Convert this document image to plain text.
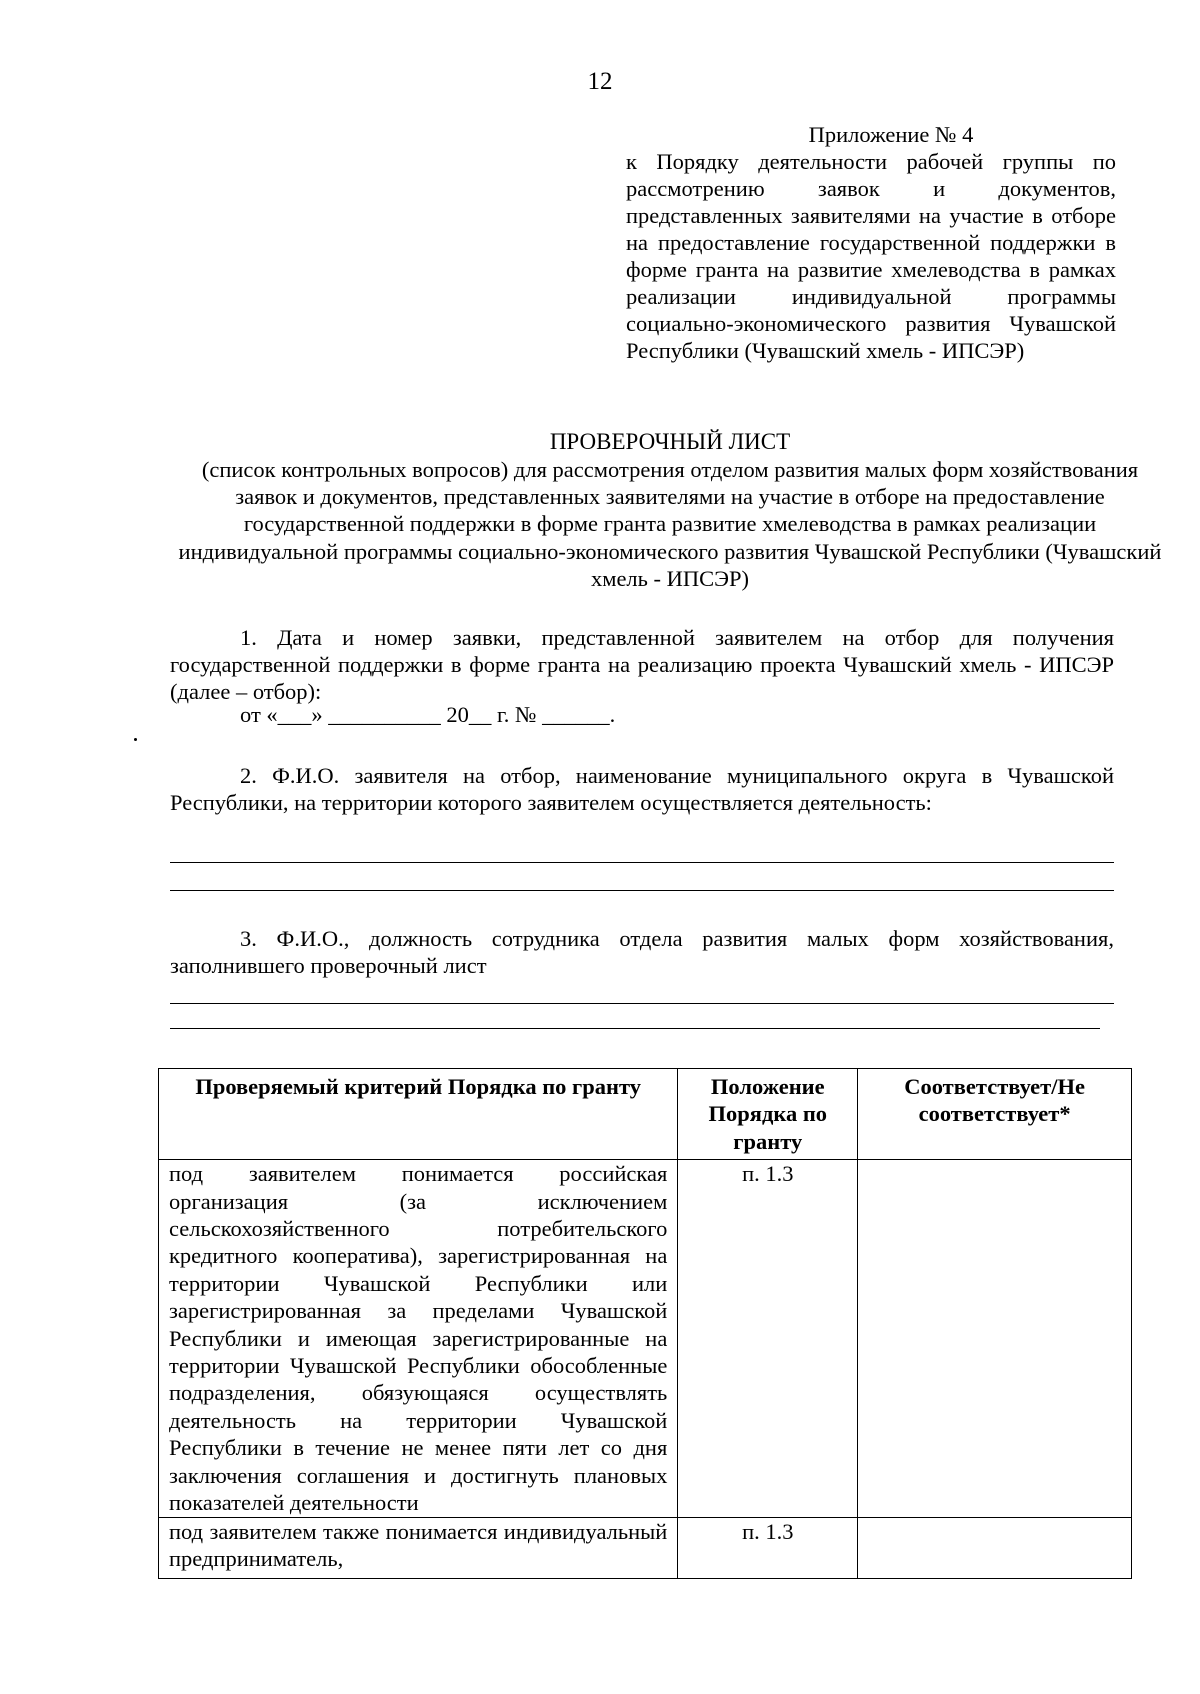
12
Приложение № 4
к Порядку деятельности рабочей группы по рассмотрению заявок и документов, представленных заявителями на участие в отборе на предоставление государственной поддержки в форме гранта на развитие хмелеводства в рамках реализации индивидуальной программы социально-экономического развития Чувашской Республики (Чувашский хмель - ИПСЭР)
ПРОВЕРОЧНЫЙ ЛИСТ
(список контрольных вопросов) для рассмотрения отделом развития малых форм хозяйствования заявок и документов, представленных заявителями на участие в отборе на предоставление государственной поддержки в форме гранта развитие хмелеводства в рамках реализации индивидуальной программы социально-экономического развития Чувашской Республики (Чувашский хмель - ИПСЭР)
1. Дата и номер заявки, представленной заявителем на отбор для получения государственной поддержки в форме гранта на реализацию проекта Чувашский хмель - ИПСЭР (далее – отбор):
от «___» __________ 20__ г. № ______.
2. Ф.И.О. заявителя на отбор, наименование муниципального округа в Чувашской Республики, на территории которого заявителем осуществляется деятельность:
3. Ф.И.О., должность сотрудника отдела развития малых форм хозяйствования, заполнившего проверочный лист
Проверяемый критерий Порядка по гранту	Положение Порядка по гранту	Соответствует/Не соответствует*
под заявителем понимается российская организация (за исключением сельскохозяйственного потребительского кредитного кооператива), зарегистрированная на территории Чувашской Республики или зарегистрированная за пределами Чувашской Республики и имеющая зарегистрированные на территории Чувашской Республики обособленные подразделения, обязующаяся осуществлять деятельность на территории Чувашской Республики в течение не менее пяти лет со дня заключения соглашения и достигнуть плановых показателей деятельности	п. 1.3	

под заявителем также понимается индивидуальный предприниматель,	п. 1.3	
